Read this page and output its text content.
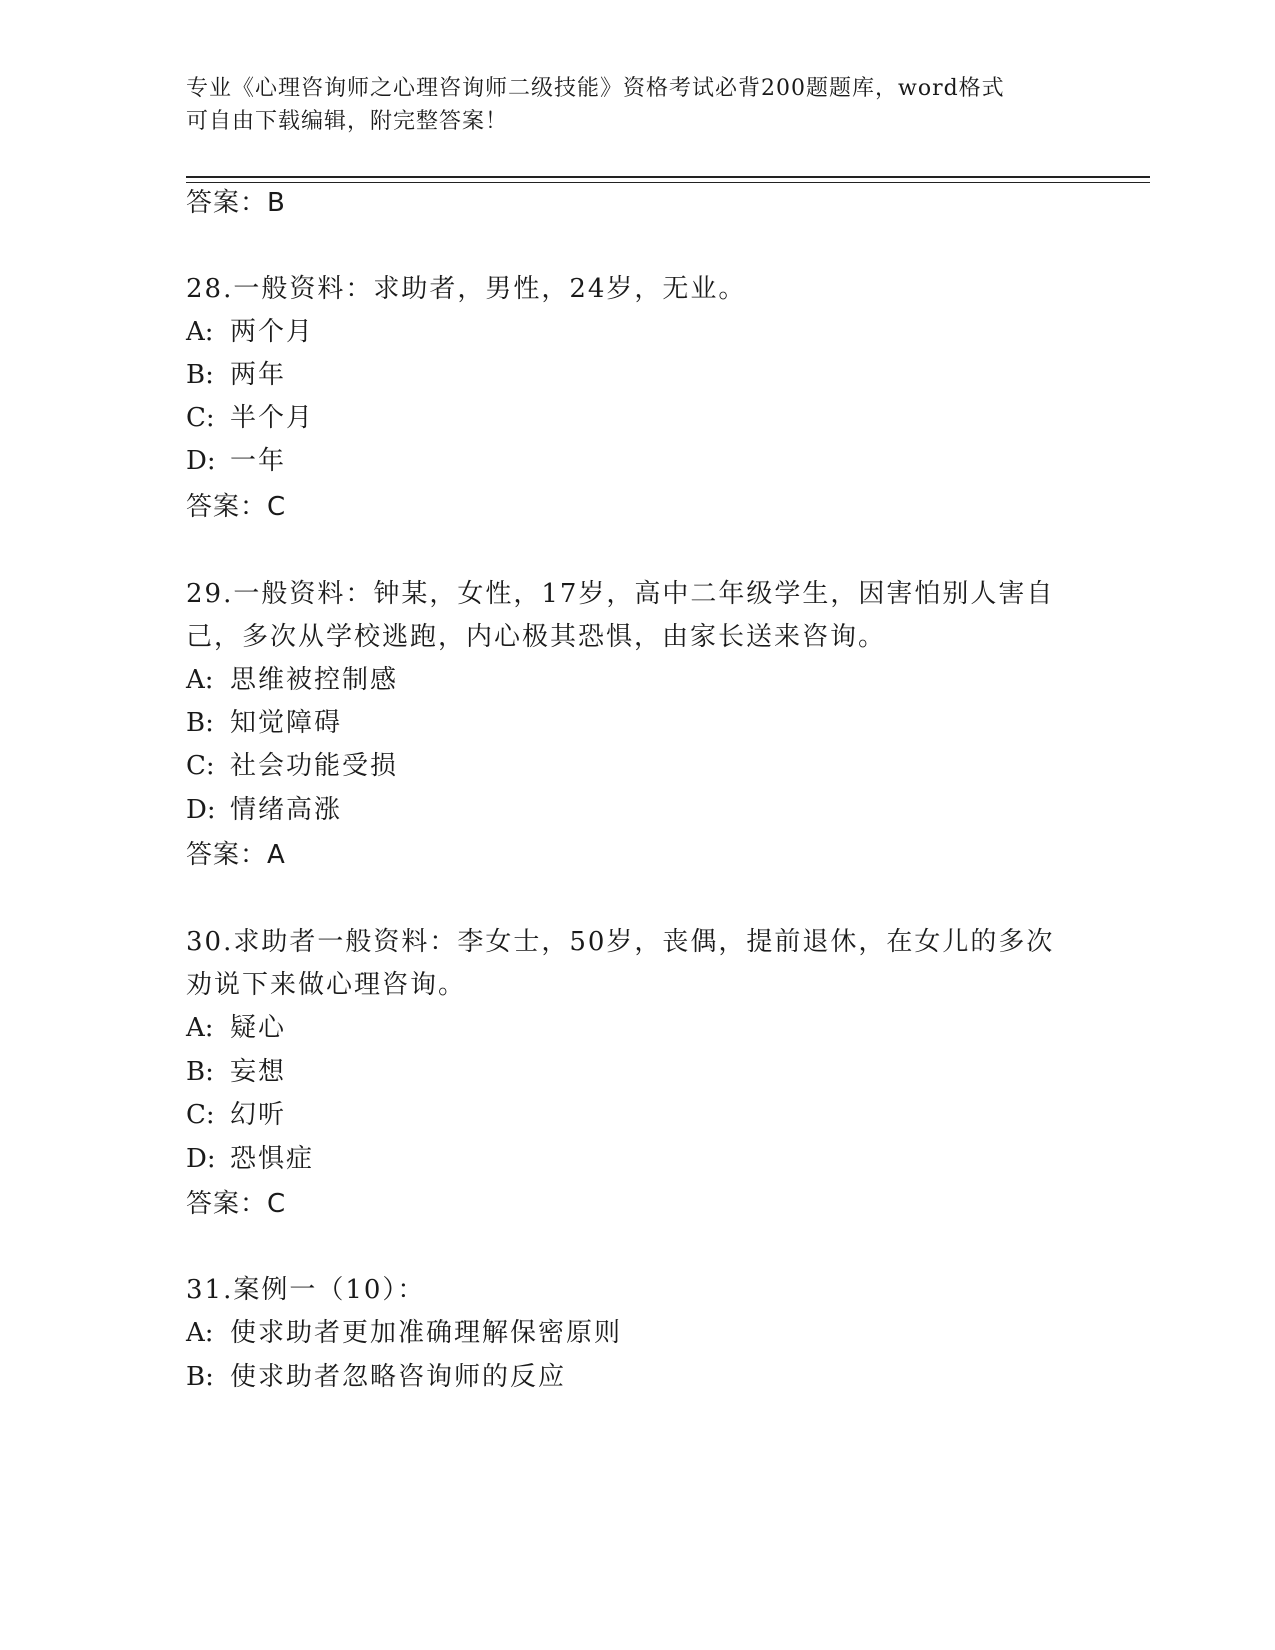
专业《心理咨询师之心理咨询师二级技能》资格考试必背200题题库，word格式
可自由下载编辑，附完整答案！
答案：B
28.一般资料：求助者，男性，24岁，无业。
A: 两个月
B: 两年
C: 半个月
D: 一年
答案：C
29.一般资料：钟某，女性，17岁，高中二年级学生，因害怕别人害自
己，多次从学校逃跑，内心极其恐惧，由家长送来咨询。
A: 思维被控制感
B: 知觉障碍
C: 社会功能受损
D: 情绪高涨
答案：A
30.求助者一般资料：李女士，50岁，丧偶，提前退休，在女儿的多次
劝说下来做心理咨询。
A: 疑心
B: 妄想
C: 幻听
D: 恐惧症
答案：C
31.案例一（10）：
A: 使求助者更加准确理解保密原则
B: 使求助者忽略咨询师的反应
